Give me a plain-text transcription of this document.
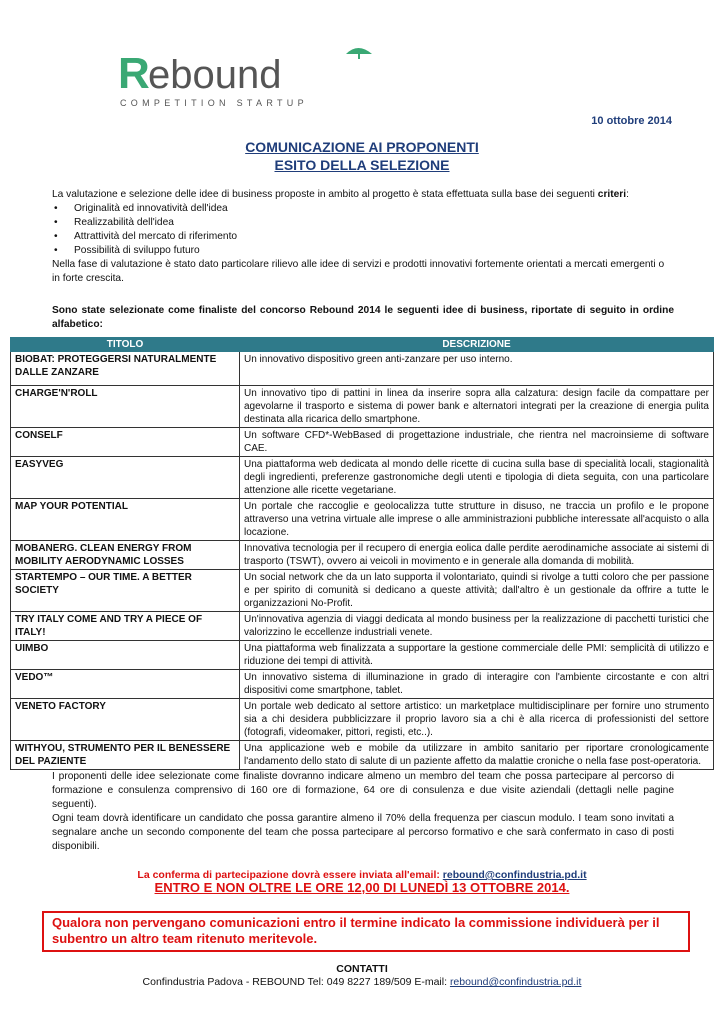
R ebound
COMPETITION STARTUP
10 ottobre 2014
COMUNICAZIONE AI PROPONENTI
ESITO DELLA SELEZIONE
La valutazione e selezione delle idee di business proposte in ambito al progetto è stata effettuata sulla base dei seguenti criteri:
• Originalità ed innovatività dell'idea
• Realizzabilità dell'idea
• Attrattività del mercato di riferimento
• Possibilità di sviluppo futuro
Nella fase di valutazione è stato dato particolare rilievo alle idee di servizi e prodotti innovativi fortemente orientati a mercati emergenti o in forte crescita.
Sono state selezionate come finaliste del concorso Rebound 2014 le seguenti idee di business, riportate di seguito in ordine alfabetico:
TITOLO	DESCRIZIONE
BIOBAT: PROTEGGERSI NATURALMENTE DALLE ZANZARE	Un innovativo dispositivo green anti-zanzare per uso interno.
CHARGE'N'ROLL	Un innovativo tipo di pattini in linea da inserire sopra alla calzatura: design facile da compattare per agevolarne il trasporto e sistema di power bank e alternatori integrati per la creazione di energia pulita destinata alla ricarica dello smartphone.
CONSELF	Un software CFD*-WebBased di progettazione industriale, che rientra nel macroinsieme di software CAE.
EASYVEG	Una piattaforma web dedicata al mondo delle ricette di cucina sulla base di specialità locali, stagionalità degli ingredienti, preferenze gastronomiche degli utenti e tipologia di dieta seguita, con una particolare attenzione alle ricette vegetariane.
MAP YOUR POTENTIAL	Un portale che raccoglie e geolocalizza tutte strutture in disuso, ne traccia un profilo e le propone attraverso una vetrina virtuale alle imprese o alle amministrazioni pubbliche interessate all'acquisto o alla locazione.
MOBANERG. CLEAN ENERGY FROM MOBILITY AERODYNAMIC LOSSES	Innovativa tecnologia per il recupero di energia eolica dalle perdite aerodinamiche associate ai sistemi di trasporto (TSWT), ovvero ai veicoli in movimento e in generale alla domanda di mobilità.
STARTEMPO – OUR TIME. A BETTER SOCIETY	Un social network che da un lato supporta il volontariato, quindi si rivolge a tutti coloro che per passione e per spirito di comunità si dedicano a queste attività; dall'altro è un gestionale da offrire a tutte le organizzazioni No-Profit.
TRY ITALY COME AND TRY A PIECE OF ITALY!	Un'innovativa agenzia di viaggi dedicata al mondo business per la realizzazione di pacchetti turistici che valorizzino le eccellenze industriali venete.
UIMBO	Una piattaforma web finalizzata a supportare la gestione commerciale delle PMI: semplicità di utilizzo e riduzione dei tempi di attività.
VEDO™	Un innovativo sistema di illuminazione in grado di interagire con l'ambiente circostante e con altri dispositivi come smartphone, tablet.
VENETO FACTORY	Un portale web dedicato al settore artistico: un marketplace multidisciplinare per fornire uno strumento sia a chi desidera pubblicizzare il proprio lavoro sia a chi è alla ricerca di professionisti del settore (fotografi, videomaker, pittori, registi, etc..).
WITHYOU, STRUMENTO PER IL BENESSERE DEL PAZIENTE	Una applicazione web e mobile da utilizzare in ambito sanitario per riportare cronologicamente l'andamento dello stato di salute di un paziente affetto da malattie croniche o nella fase post-operatoria.
I proponenti delle idee selezionate come finaliste dovranno indicare almeno un membro del team che possa partecipare al percorso di formazione e consulenza comprensivo di 160 ore di formazione, 64 ore di consulenza e due visite aziendali (dettagli nelle pagine seguenti).
Ogni team dovrà identificare un candidato che possa garantire almeno il 70% della frequenza per ciascun modulo. I team sono invitati a segnalare anche un secondo componente del team che possa partecipare al percorso formativo e che sarà confermato in caso di posti disponibili.
La conferma di partecipazione dovrà essere inviata all'email: rebound@confindustria.pd.it
ENTRO E NON OLTRE LE ORE 12,00 DI LUNEDÌ 13 OTTOBRE 2014.
Qualora non pervengano comunicazioni entro il termine indicato la commissione individuerà per il subentro un altro team ritenuto meritevole.
CONTATTI
Confindustria Padova - REBOUND Tel: 049 8227 189/509 E-mail: rebound@confindustria.pd.it
